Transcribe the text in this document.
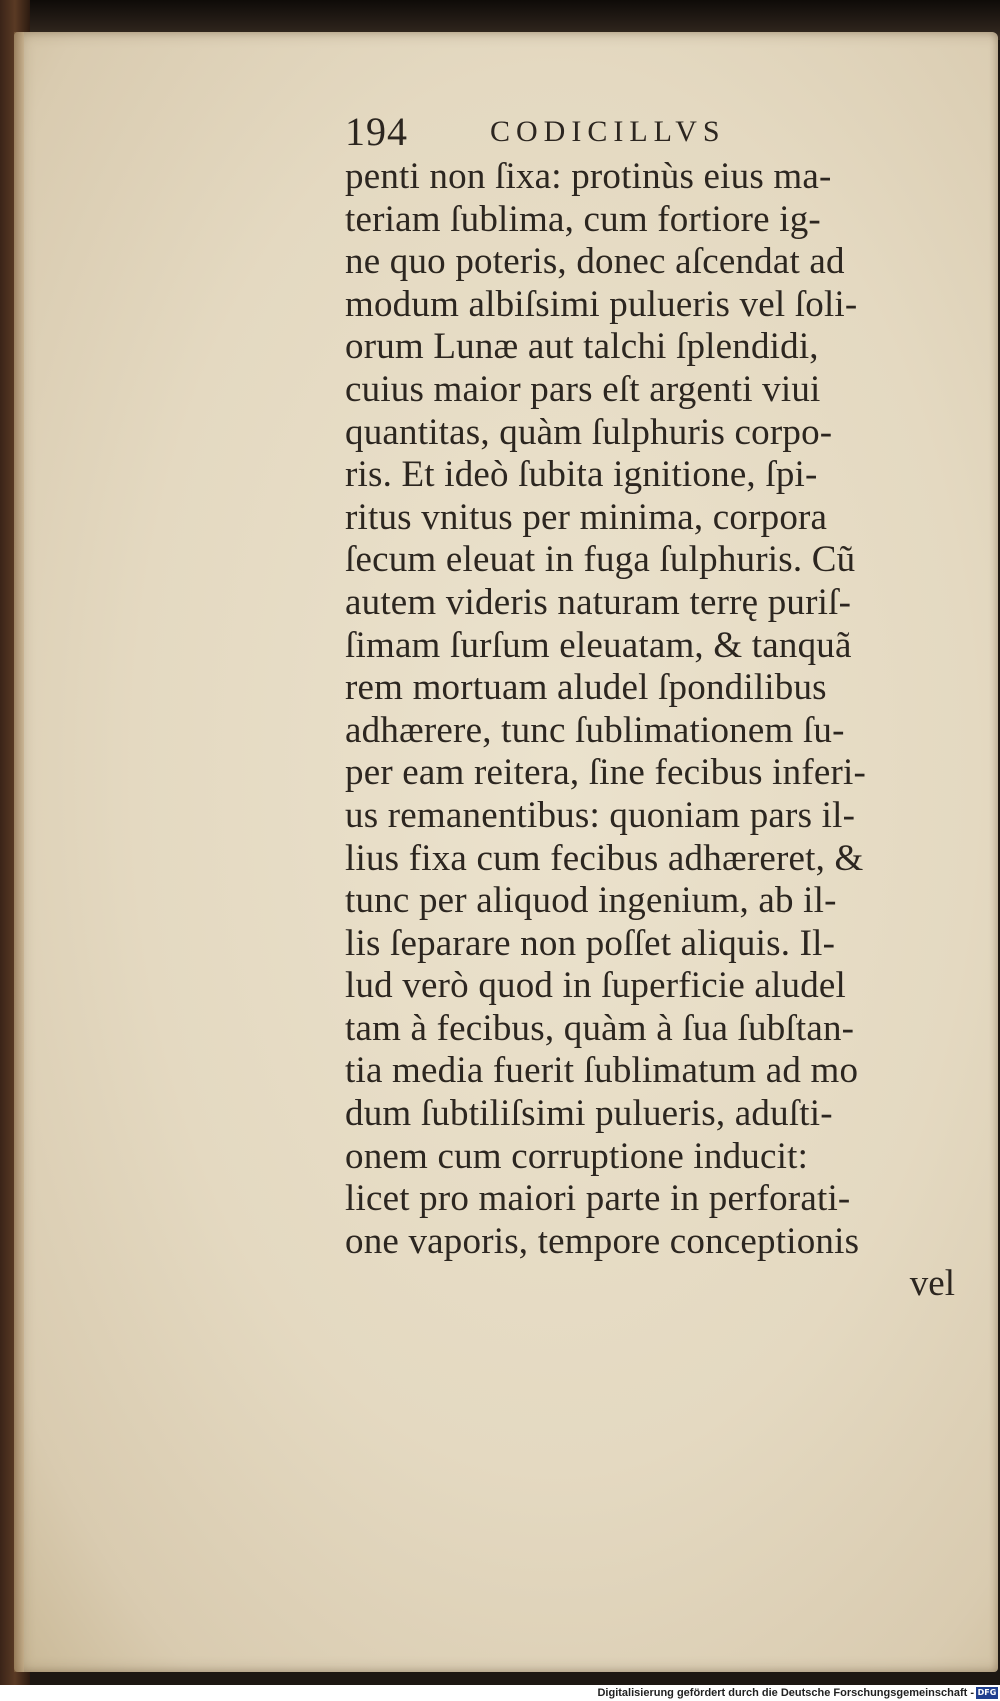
194	CODICILLVS
penti non ſixa: protinùs eius ma-
teriam ſublima, cum fortiore ig-
ne quo poteris, donec aſcendat ad
modum albiſsimi pulueris vel ſoli-
orum Lunæ aut talchi ſplendidi,
cuius maior pars eſt argenti viui
quantitas, quàm ſulphuris corpo-
ris. Et ideò ſubita ignitione, ſpi-
ritus vnitus per minima, corpora
ſecum eleuat in fuga ſulphuris. Cũ
autem videris naturam terrę puriſ-
ſimam ſurſum eleuatam, & tanquã
rem mortuam aludel ſpondilibus
adhærere, tunc ſublimationem ſu-
per eam reitera, ſine fecibus inferi-
us remanentibus: quoniam pars il-
lius fixa cum fecibus adhæreret, &
tunc per aliquod ingenium, ab il-
lis ſeparare non poſſet aliquis. Il-
lud verò quod in ſuperficie aludel
tam à fecibus, quàm à ſua ſubſtan-
tia media fuerit ſublimatum ad mo
dum ſubtiliſsimi pulueris, aduſti-
onem cum corruptione inducit:
licet pro maiori parte in perforati-
one vaporis, tempore conceptionis
vel
Digitalisierung gefördert durch die Deutsche Forschungsgemeinschaft - DFG
